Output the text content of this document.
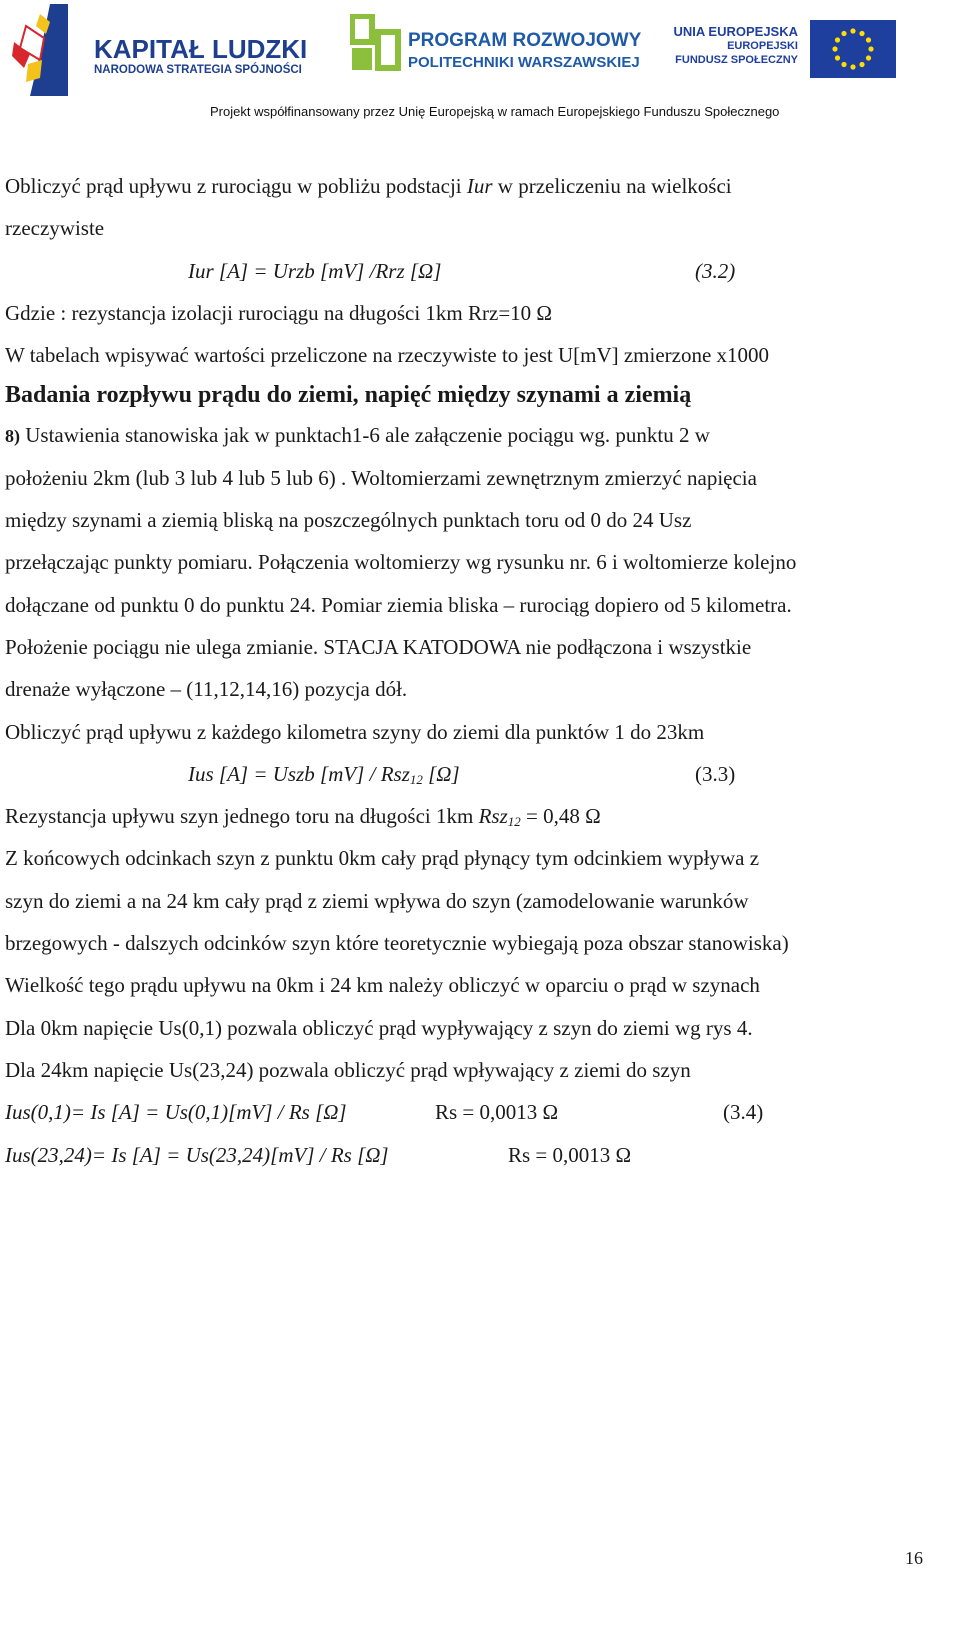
KAPITAŁ LUDZKI
NARODOWA STRATEGIA SPÓJNOŚCI
PROGRAM ROZWOJOWY
POLITECHNIKI WARSZAWSKIEJ
UNIA EUROPEJSKA
EUROPEJSKI
FUNDUSZ SPOŁECZNY
Projekt współfinansowany przez Unię Europejską w ramach Europejskiego Funduszu Społecznego
Obliczyć prąd upływu z rurociągu w pobliżu podstacji Iur w przeliczeniu na wielkości
rzeczywiste
Iur [A] = Urzb [mV] /Rrz [Ω]	(3.2)
Gdzie : rezystancja izolacji rurociągu na długości 1km Rrz=10 Ω
W tabelach wpisywać wartości przeliczone na rzeczywiste to jest U[mV] zmierzone x1000
Badania rozpływu prądu do ziemi, napięć między szynami a ziemią
8) Ustawienia stanowiska jak w punktach1-6 ale załączenie pociągu wg. punktu 2 w
położeniu 2km (lub 3 lub 4 lub 5 lub 6) . Woltomierzami zewnętrznym zmierzyć napięcia
między szynami a ziemią bliską na poszczególnych punktach toru od 0 do 24 Usz
przełączając punkty pomiaru. Połączenia woltomierzy wg rysunku nr. 6 i woltomierze kolejno
dołączane od punktu 0 do punktu 24. Pomiar ziemia bliska – rurociąg dopiero od 5 kilometra.
Położenie pociągu nie ulega zmianie. STACJA KATODOWA nie podłączona i wszystkie
drenaże wyłączone – (11,12,14,16) pozycja dół.
Obliczyć prąd upływu z każdego kilometra szyny do ziemi dla punktów 1 do 23km
Ius [A] = Uszb [mV] / Rsz$_{12}$ [Ω]	(3.3)
Rezystancja upływu szyn jednego toru na długości 1km Rsz$_{12}$ = 0,48 Ω
Z końcowych odcinkach szyn z punktu 0km cały prąd płynący tym odcinkiem wypływa z
szyn do ziemi a na 24 km cały prąd z ziemi wpływa do szyn (zamodelowanie warunków
brzegowych - dalszych odcinków szyn które teoretycznie wybiegają poza obszar stanowiska)
Wielkość tego prądu upływu na 0km i 24 km należy obliczyć w oparciu o prąd w szynach
Dla 0km napięcie Us(0,1) pozwala obliczyć prąd wypływający z szyn do ziemi wg rys 4.
Dla 24km napięcie Us(23,24) pozwala obliczyć prąd wpływający z ziemi do szyn
Ius(0,1)= Is [A] = Us(0,1)[mV] / Rs [Ω]	Rs = 0,0013 Ω	(3.4)
Ius(23,24)= Is [A] = Us(23,24)[mV] / Rs [Ω]	Rs = 0,0013 Ω
16
